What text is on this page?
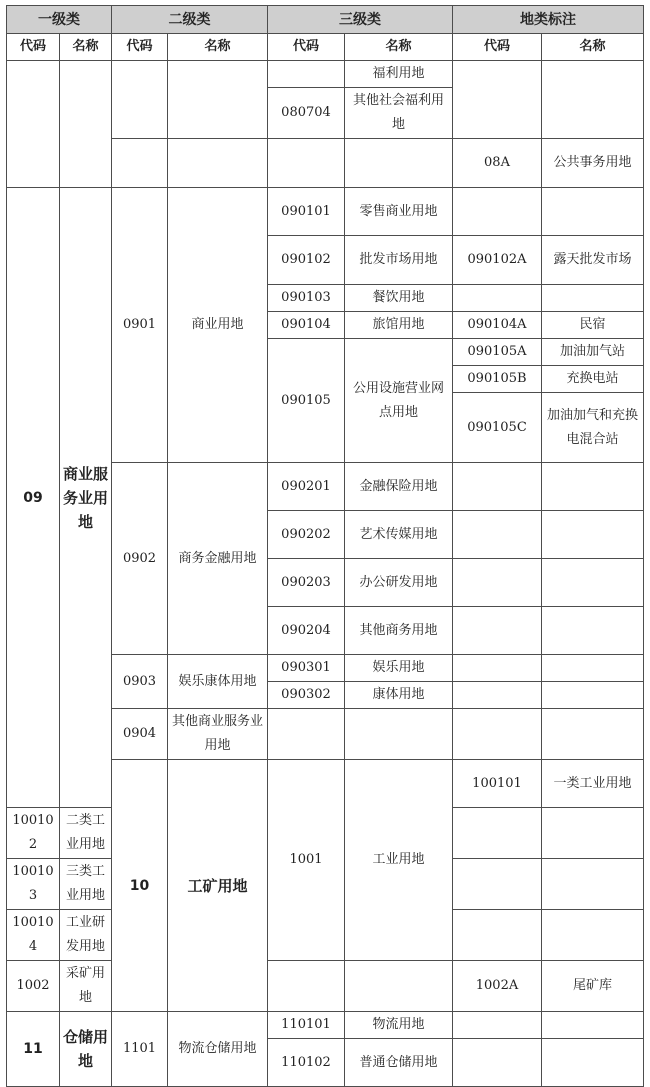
一级类		二级类		三级类		地类标注		
代码	名称	代码	名称	代码	名称	代码	名称	
					福利用地			
				080704	其他社会福利用地			
						08A	公共事务用地	
09	商业服务业用地	0901	商业用地	090101	零售商业用地			
				090102	批发市场用地	090102A	露天批发市场	
				090103	餐饮用地			
				090104	旅馆用地	090104A	民宿	
				090105	公用设施营业网点用地	090105A	加油加气站	
						090105B	充换电站	
						090105C	加油加气和充换电混合站	
		0902	商务金融用地	090201	金融保险用地			
				090202	艺术传媒用地			
				090203	办公研发用地			
				090204	其他商务用地			
		0903	娱乐康体用地	090301	娱乐用地			
				090302	康体用地			
		0904	其他商业服务业用地					
		10	工矿用地	1001	工业用地	100101	一类工业用地		
100102	二类工业用地							
100103	三类工业用地							
100104	工业研发用地							
1002	采矿用地					1002A	尾矿库	
11	仓储用地	1101	物流仓储用地	110101	物流用地			
				110102	普通仓储用地			
